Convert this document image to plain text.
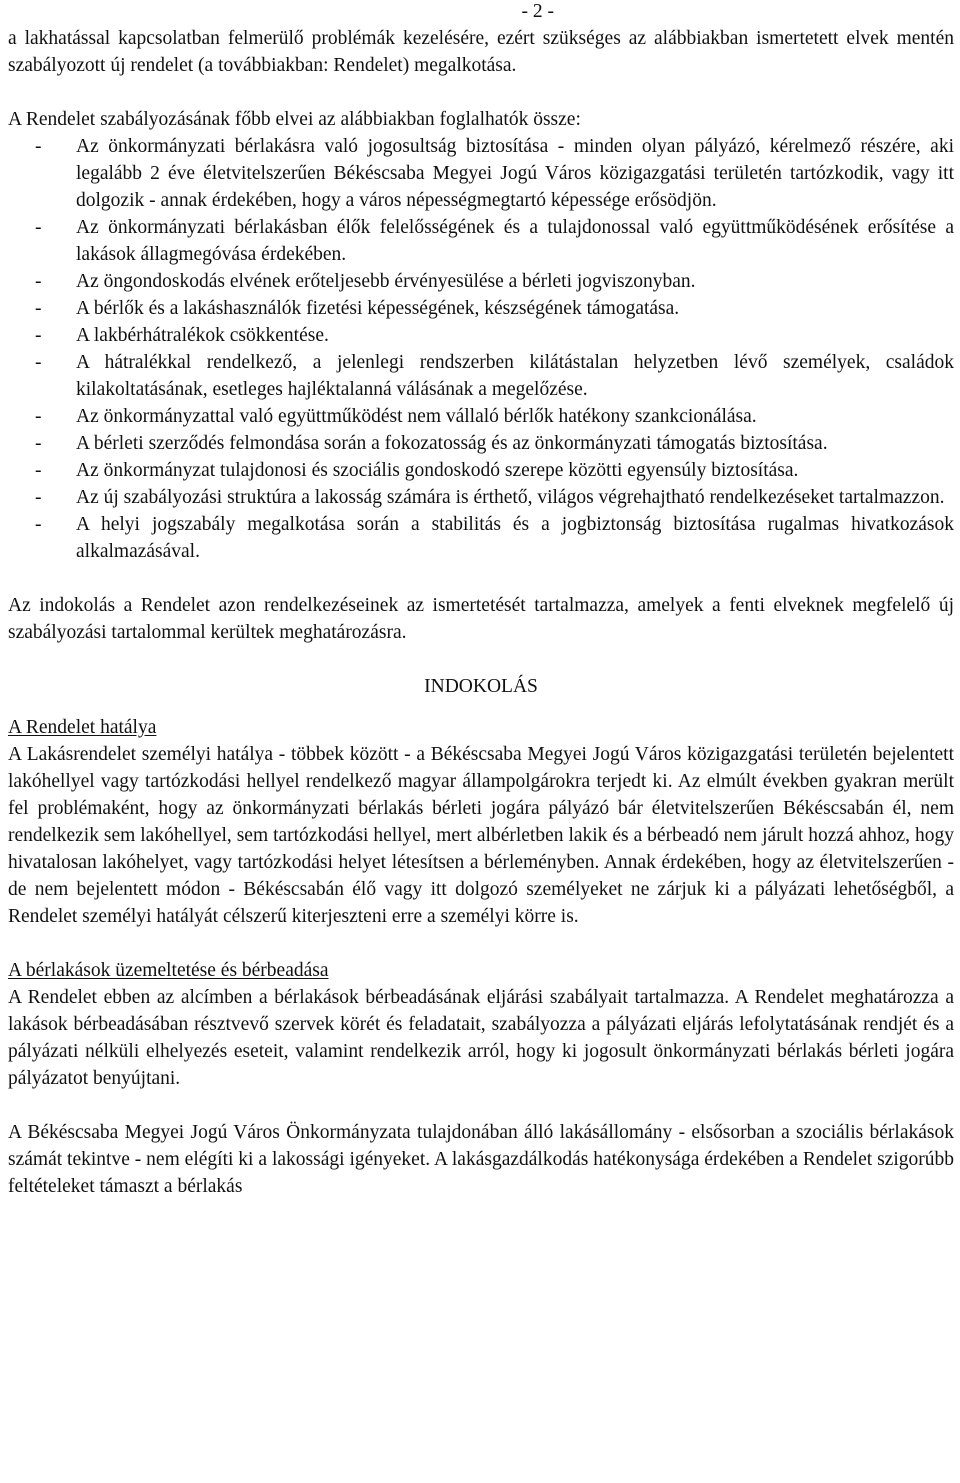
- 2 -

a lakhatással kapcsolatban felmerülő problémák kezelésére, ezért szükséges az alábbiakban ismertetett elvek mentén szabályozott új rendelet (a továbbiakban: Rendelet) megalkotása.

A Rendelet szabályozásának főbb elvei az alábbiakban foglalhatók össze:

- Az önkormányzati bérlakásra való jogosultság biztosítása - minden olyan pályázó, kérelmező részére, aki legalább 2 éve életvitelszerűen Békéscsaba Megyei Jogú Város közigazgatási területén tartózkodik, vagy itt dolgozik - annak érdekében, hogy a város népességmegtartó képessége erősödjön.
- Az önkormányzati bérlakásban élők felelősségének és a tulajdonossal való együttműködésének erősítése a lakások állagmegóvása érdekében.
- Az öngondoskodás elvének erőteljesebb érvényesülése a bérleti jogviszonyban.
- A bérlők és a lakáshasználók fizetési képességének, készségének támogatása.
- A lakbérhátralékok csökkentése.
- A hátralékkal rendelkező, a jelenlegi rendszerben kilátástalan helyzetben lévő személyek, családok kilakoltatásának, esetleges hajléktalanná válásának a megelőzése.
- Az önkormányzattal való együttműködést nem vállaló bérlők hatékony szankcionálása.
- A bérleti szerződés felmondása során a fokozatosság és az önkormányzati támogatás biztosítása.
- Az önkormányzat tulajdonosi és szociális gondoskodó szerepe közötti egyensúly biztosítása.
- Az új szabályozási struktúra a lakosság számára is érthető, világos végrehajtható rendelkezéseket tartalmazzon.
- A helyi jogszabály megalkotása során a stabilitás és a jogbiztonság biztosítása rugalmas hivatkozások alkalmazásával.

Az indokolás a Rendelet azon rendelkezéseinek az ismertetését tartalmazza, amelyek a fenti elveknek megfelelő új szabályozási tartalommal kerültek meghatározásra.

INDOKOLÁS

A Rendelet hatálya

A Lakásrendelet személyi hatálya - többek között - a Békéscsaba Megyei Jogú Város közigazgatási területén bejelentett lakóhellyel vagy tartózkodási hellyel rendelkező magyar állampolgárokra terjedt ki. Az elmúlt években gyakran merült fel problémaként, hogy az önkormányzati bérlakás bérleti jogára pályázó bár életvitelszerűen Békéscsabán él, nem rendelkezik sem lakóhellyel, sem tartózkodási hellyel, mert albérletben lakik és a bérbeadó nem járult hozzá ahhoz, hogy hivatalosan lakóhelyet, vagy tartózkodási helyet létesítsen a bérleményben. Annak érdekében, hogy az életvitelszerűen - de nem bejelentett módon - Békéscsabán élő vagy itt dolgozó személyeket ne zárjuk ki a pályázati lehetőségből, a Rendelet személyi hatályát célszerű kiterjeszteni erre a személyi körre is.

A bérlakások üzemeltetése és bérbeadása

A Rendelet ebben az alcímben a bérlakások bérbeadásának eljárási szabályait tartalmazza. A Rendelet meghatározza a lakások bérbeadásában résztvevő szervek körét és feladatait, szabályozza a pályázati eljárás lefolytatásának rendjét és a pályázati nélküli elhelyezés eseteit, valamint rendelkezik arról, hogy ki jogosult önkormányzati bérlakás bérleti jogára pályázatot benyújtani.

A Békéscsaba Megyei Jogú Város Önkormányzata tulajdonában álló lakásállomány - elsősorban a szociális bérlakások számát tekintve - nem elégíti ki a lakossági igényeket. A lakásgazdálkodás hatékonysága érdekében a Rendelet szigorúbb feltételeket támaszt a bérlakás
